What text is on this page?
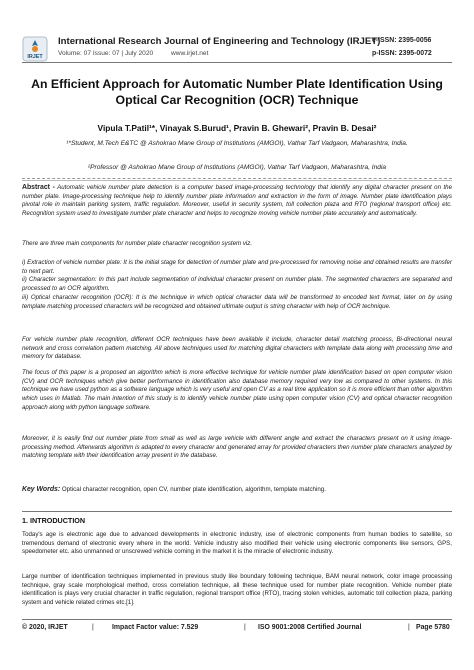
IRJET
International Research Journal of Engineering and Technology (IRJET)
Volume: 07 Issue: 07 | July 2020	www.irjet.net
e-ISSN: 2395-0056
p-ISSN: 2395-0072
An Efficient Approach for Automatic Number Plate Identification Using Optical Car Recognition (OCR) Technique
Vipula T.Patil¹*, Vinayak S.Burud¹, Pravin B. Ghewari², Pravin B. Desai²
¹*Student, M.Tech E&TC @ Ashokrao Mane Group of Institutions (AMGOI), Vathar Tarf Vadgaon, Maharashtra, India.
²Professor @ Ashokrao Mane Group of Institutions (AMGOI), Vathar Tarf Vadgaon, Maharashtra, India
Abstract - Automatic vehicle number plate detection is a computer based image-processing technology that identify any digital character present on the number plate. Image-processing technique help to identify number plate information and extraction in the form of image. Number plate identification plays pivotal role in maintain parking system, traffic regulation. Moreover, useful in security system, toll collection plaza and RTO (regional transport office) etc. Recognition system used to investigate number plate character and helps to recognize moving vehicle number plate accurately and automatically.
There are three main components for number plate character recognition system viz.
i) Extraction of vehicle number plate: It is the initial stage for detection of number plate and pre-processed for removing noise and obtained results are transfer to next part.
ii) Character segmentation: In this part include segmentation of individual character present on number plate. The segmented characters are separated and processed to an OCR algorithm.
iii) Optical character recognition (OCR): It is the technique in which optical character data will be transformed to encoded text format, later on by using template matching processed characters will be recognized and obtained ultimate output is string character with help of OCR technique.
For vehicle number plate recognition, different OCR techniques have been available it include, character detail matching process, Bi-directional neural network and cross correlation pattern matching. All above techniques used for matching digital characters with template data along with processing time and memory for database.
The focus of this paper is a proposed an algorithm which is more effective technique for vehicle number plate identification based on open computer vision (CV) and OCR techniques which give better performance in identification also database memory required very low as compared to other systems. In this technique we have used python as a software language which is very useful and open CV as a real time application so it is more efficient than other algorithm which uses in Matlab. The main intention of this study is to identify vehicle number plate using open computer vision (CV) and optical character recognition approach along with python language software.
Moreover, it is easily find out number plate from small as well as large vehicle with different angle and extract the characters present on it using image-processing method. Afterwards algorithm is adapted to every character and generated array for provided characters then number plate characters analyzed by matching template with their identification array present in the database.
Key Words: Optical character recognition, open CV, number plate identification, algorithm, template matching.
1. INTRODUCTION
Today's age is electronic age due to advanced developments in electronic industry, use of electronic components from human bodies to satellite, so tremendous demand of electronic every where in the world. Vehicle industry also modified their vehicle using electronic components like sensors, GPS, speedometer etc. also unmanned or unscrewed vehicle coming in the market it is the miracle of electronic industry.
Large number of identification techniques implemented in previous study like boundary following technique, BAM neural network, color image processing technique, gray scale morphological method, cross correlation technique, all these technique used for number plate recognition. Vehicle number plate identification is plays very crucial character in traffic regulation, regional transport office (RTO), tracing stolen vehicles, automatic toll collection plaza, parking system and vehicle related crimes etc.[1].
© 2020, IRJET	|	Impact Factor value: 7.529	| ISO 9001:2008 Certified Journal	| Page 5780
